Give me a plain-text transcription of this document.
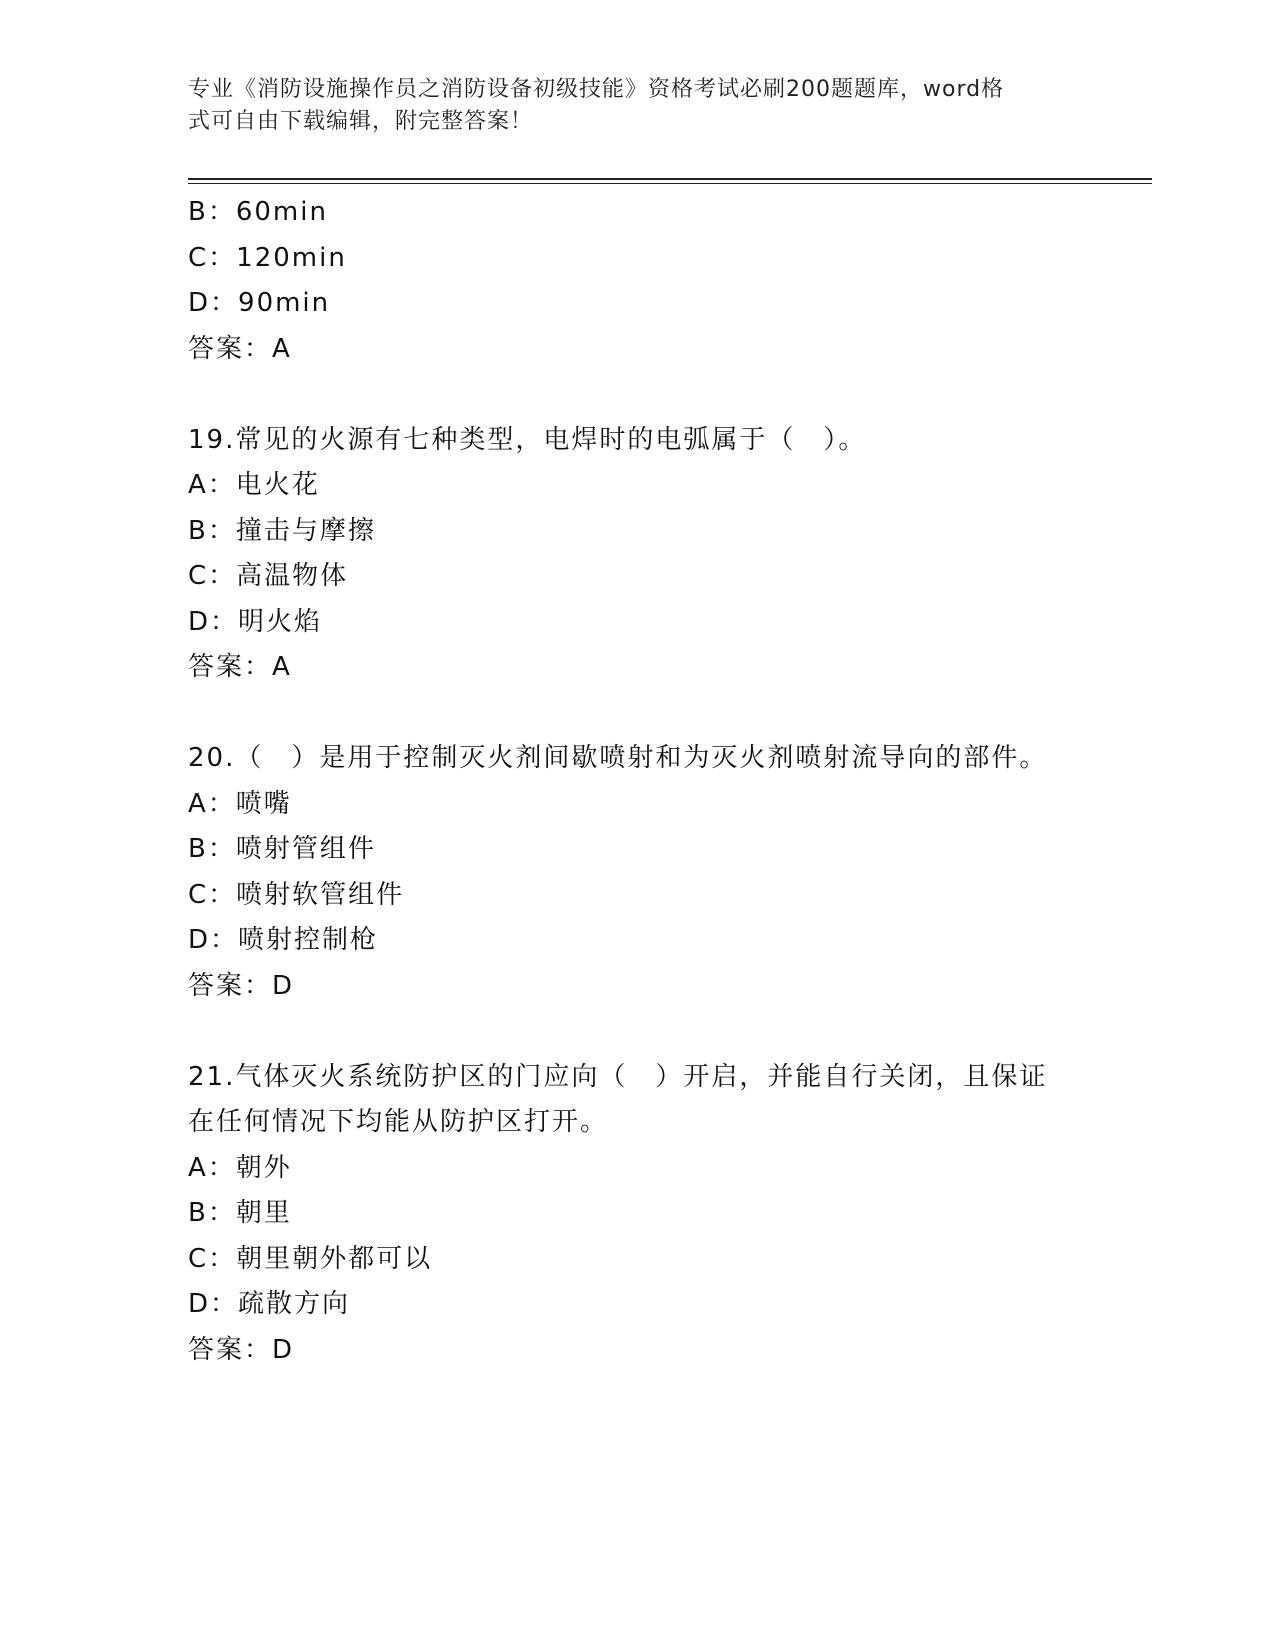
专业《消防设施操作员之消防设备初级技能》资格考试必刷200题题库，word格
式可自由下载编辑，附完整答案！
B：60min
C：120min
D：90min
答案：A
19.常见的火源有七种类型，电焊时的电弧属于（　）。
A：电火花
B：撞击与摩擦
C：高温物体
D：明火焰
答案：A
20.（　）是用于控制灭火剂间歇喷射和为灭火剂喷射流导向的部件。
A：喷嘴
B：喷射管组件
C：喷射软管组件
D：喷射控制枪
答案：D
21.气体灭火系统防护区的门应向（　）开启，并能自行关闭，且保证
在任何情况下均能从防护区打开。
A：朝外
B：朝里
C：朝里朝外都可以
D：疏散方向
答案：D
